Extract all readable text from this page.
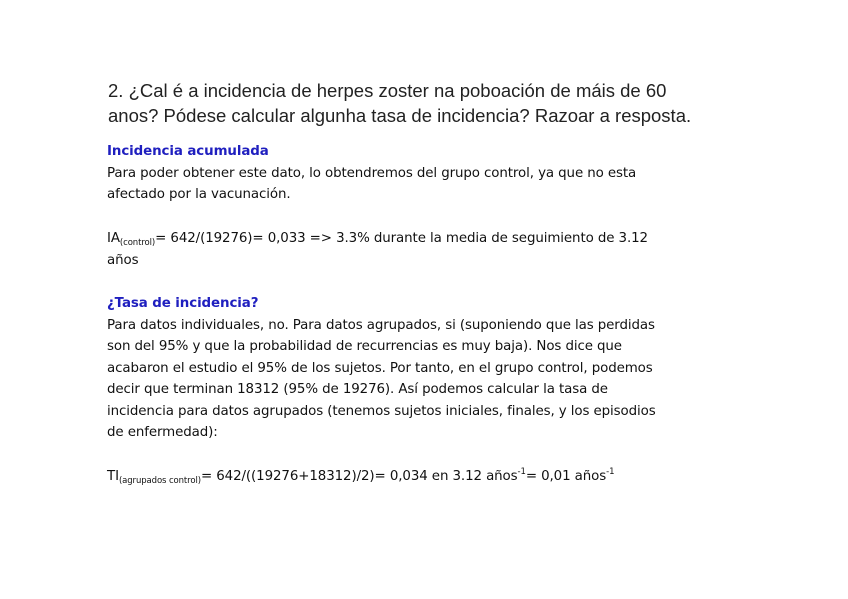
2. ¿Cal é a incidencia de herpes zoster na poboación de máis de 60
anos? Pódese calcular algunha tasa de incidencia? Razoar a resposta.
Incidencia acumulada
Para poder obtener este dato, lo obtendremos del grupo control, ya que no esta
afectado por la vacunación.
$IA_{(control)}= 642/(19276)= 0,033 => 3.3\%$ durante la media de seguimiento de 3.12
años
¿Tasa de incidencia?
Para datos individuales, no. Para datos agrupados, si (suponiendo que las perdidas
son del 95% y que la probabilidad de recurrencias es muy baja). Nos dice que
acabaron el estudio el 95% de los sujetos. Por tanto, en el grupo control, podemos
decir que terminan 18312 (95% de 19276). Así podemos calcular la tasa de
incidencia para datos agrupados (tenemos sujetos iniciales, finales, y los episodios
de enfermedad):
$TI_{(agrupados control)}= 642/((19276+18312)/2)= 0,034$ en 3.12 años$^{-1}$= 0,01 años$^{-1}$
